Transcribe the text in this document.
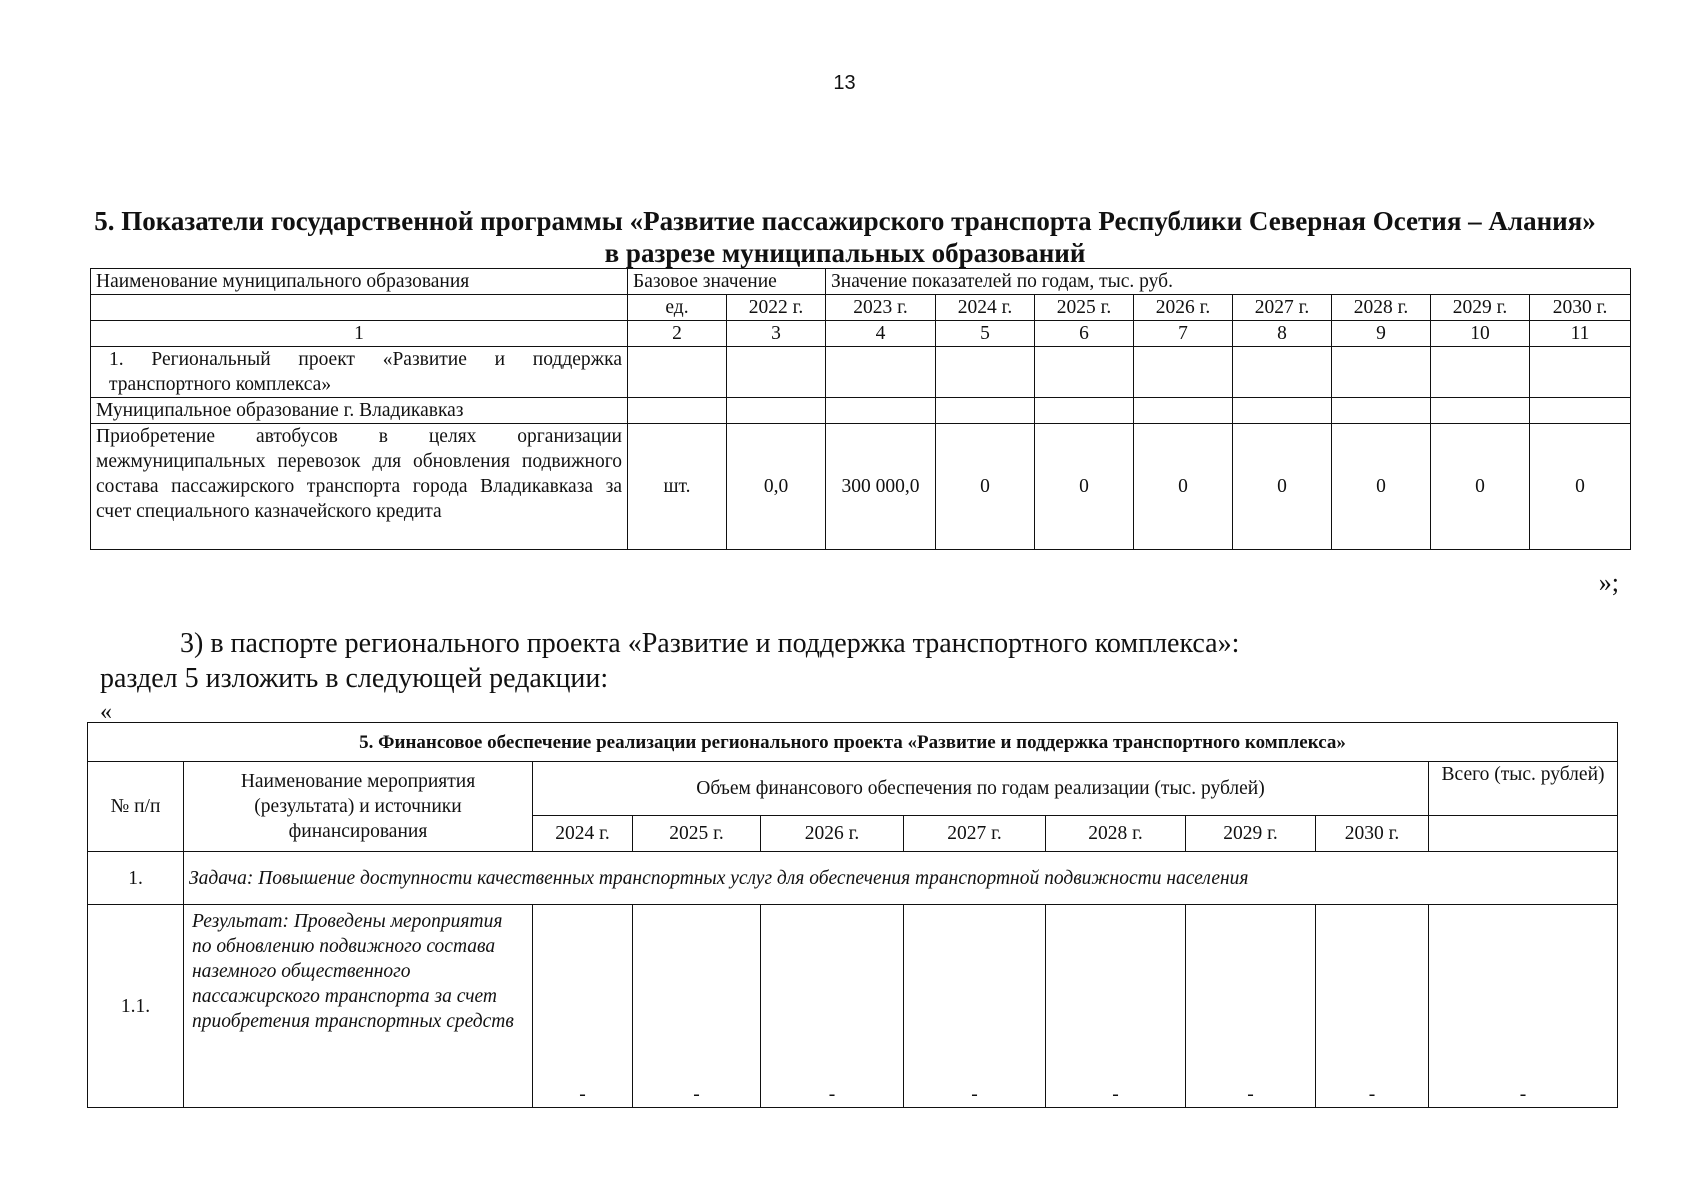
13
5. Показатели государственной программы «Развитие пассажирского транспорта Республики Северная Осетия – Алания» в разрезе муниципальных образований
Наименование муниципального образования	Базовое значение		Значение показателей по годам, тыс. руб.							
	ед.	2022 г.	2023 г.	2024 г.	2025 г.	2026 г.	2027 г.	2028 г.	2029 г.	2030 г.
1	2	3	4	5	6	7	8	9	10	11
1. Региональный проект «Развитие и поддержка транспортного комплекса»										
Муниципальное образование г. Владикавказ										
Приобретение автобусов в целях организации межмуниципальных перевозок для обновления подвижного состава пассажирского транспорта города Владикавказа за счет специального казначейского кредита	шт.	0,0	300 000,0	0	0	0	0	0	0	0
»;
3) в паспорте регионального проекта «Развитие и поддержка транспортного комплекса»:
раздел 5 изложить в следующей редакции:
«
5. Финансовое обеспечение реализации регионального проекта «Развитие и поддержка транспортного комплекса»									
№ п/п	Наименование мероприятия (результата) и источники финансирования	Объем финансового обеспечения по годам реализации (тыс. рублей)							Всего (тыс. рублей)
		2024 г.	2025 г.	2026 г.	2027 г.	2028 г.	2029 г.	2030 г.	
1.	Задача: Повышение доступности качественных транспортных услуг для обеспечения транспортной подвижности населения								
1.1.	Результат: Проведены мероприятия по обновлению подвижного состава наземного общественного пассажирского транспорта за счет приобретения транспортных средств	-	-	-	-	-	-	-	-
